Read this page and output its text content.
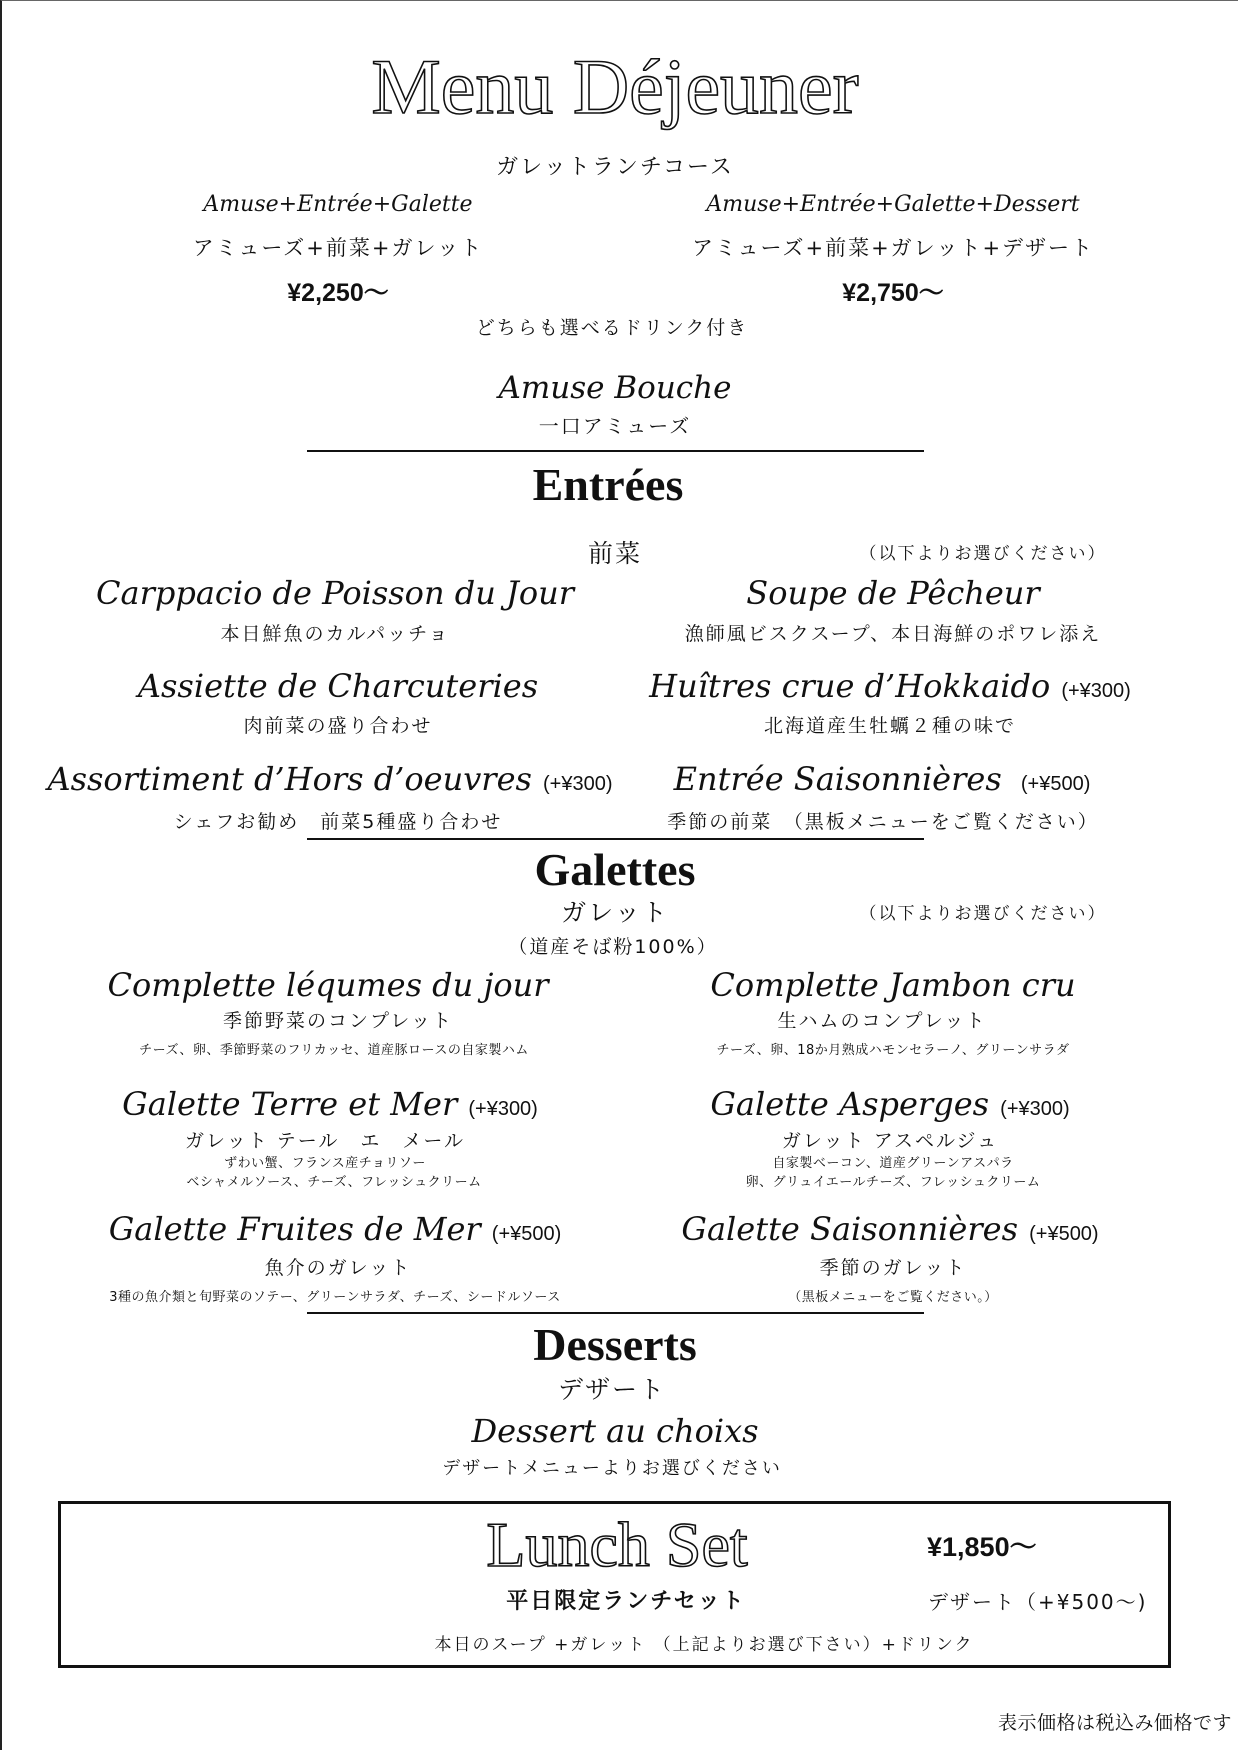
Menu Déjeuner
ガレットランチコース
Amuse+Entrée+Galette
アミューズ+前菜+ガレット
¥2,250〜
Amuse+Entrée+Galette+Dessert
アミューズ+前菜+ガレット+デザート
¥2,750〜
どちらも選べるドリンク付き
Amuse Bouche
一口アミューズ
Entrées
前菜	（以下よりお選びください）
Carppacio de Poisson du Jour
本日鮮魚のカルパッチョ
Soupe de Pêcheur
漁師風ビスクスープ、本日海鮮のポワレ添え
Assiette de Charcuteries
肉前菜の盛り合わせ
Huîtres crue d’Hokkaido (+¥300)
北海道産生牡蠣２種の味で
Assortiment d’Hors d’oeuvres (+¥300)
シェフお勧め　前菜5種盛り合わせ
Entrée Saisonnières (+¥500)
季節の前菜　（黒板メニューをご覧ください）
Galettes
ガレット	（以下よりお選びください）
（道産そば粉100%）
Complette léqumes du jour
季節野菜のコンプレット
チーズ、卵、季節野菜のフリカッセ、道産豚ロースの自家製ハム
Complette Jambon cru
生ハムのコンプレット
チーズ、卵、18か月熟成ハモンセラーノ、グリーンサラダ
Galette Terre et Mer (+¥300)
ガレット テール　エ　メール
ずわい蟹、フランス産チョリソー
ベシャメルソース、チーズ、フレッシュクリーム
Galette Asperges (+¥300)
ガレット アスペルジュ
自家製ベーコン、道産グリーンアスパラ
卵、グリュイエールチーズ、フレッシュクリーム
Galette Fruites de Mer (+¥500)
魚介のガレット
3種の魚介類と旬野菜のソテー、グリーンサラダ、チーズ、シードルソース
Galette Saisonnières (+¥500)
季節のガレット
（黒板メニューをご覧ください。）
Desserts
デザート
Dessert au choixs
デザートメニューよりお選びください
Lunch Set	¥1,850〜
平日限定ランチセット	デザート（+¥500〜)
本日のスープ +ガレット （上記よりお選び下さい）+ドリンク
表示価格は税込み価格です
